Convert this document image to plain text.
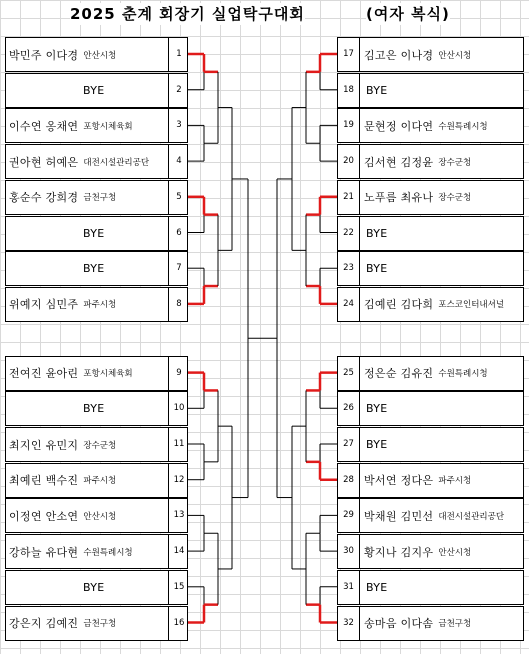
2025 춘계 회장기 실업탁구대회	(여자 복식)
박민주 이다경 안산시청	1
BYE	2
이수연 옹채연 포항시체육회	3
권아현 허예은 대전시설관리공단	4
홍순수 강희경 금천구청	5
BYE	6
BYE	7
위예지 심민주 파주시청	8
전여진 윤아린 포항시체육회	9
BYE	10
최지인 유민지 장수군청	11
최예린 백수진 파주시청	12
이정연 안소연 안산시청	13
강하늘 유다현 수원특례시청	14
BYE	15
강은지 김예진 금천구청	16
17 김고은 이나경 안산시청
18	BYE
19 문현정 이다연 수원특례시청
20 김서현 김정윤 장수군청
21 노푸름 최유나 장수군청
22	BYE
23	BYE
24 김예린 김다희 포스코인터내셔널
25 정은순 김유진 수원특례시청
26	BYE
27	BYE
28 박서연 정다은 파주시청
29 박채원 김민선 대전시설관리공단
30 황지나 김지우 안산시청
31	BYE
32 송마음 이다솜 금천구청
